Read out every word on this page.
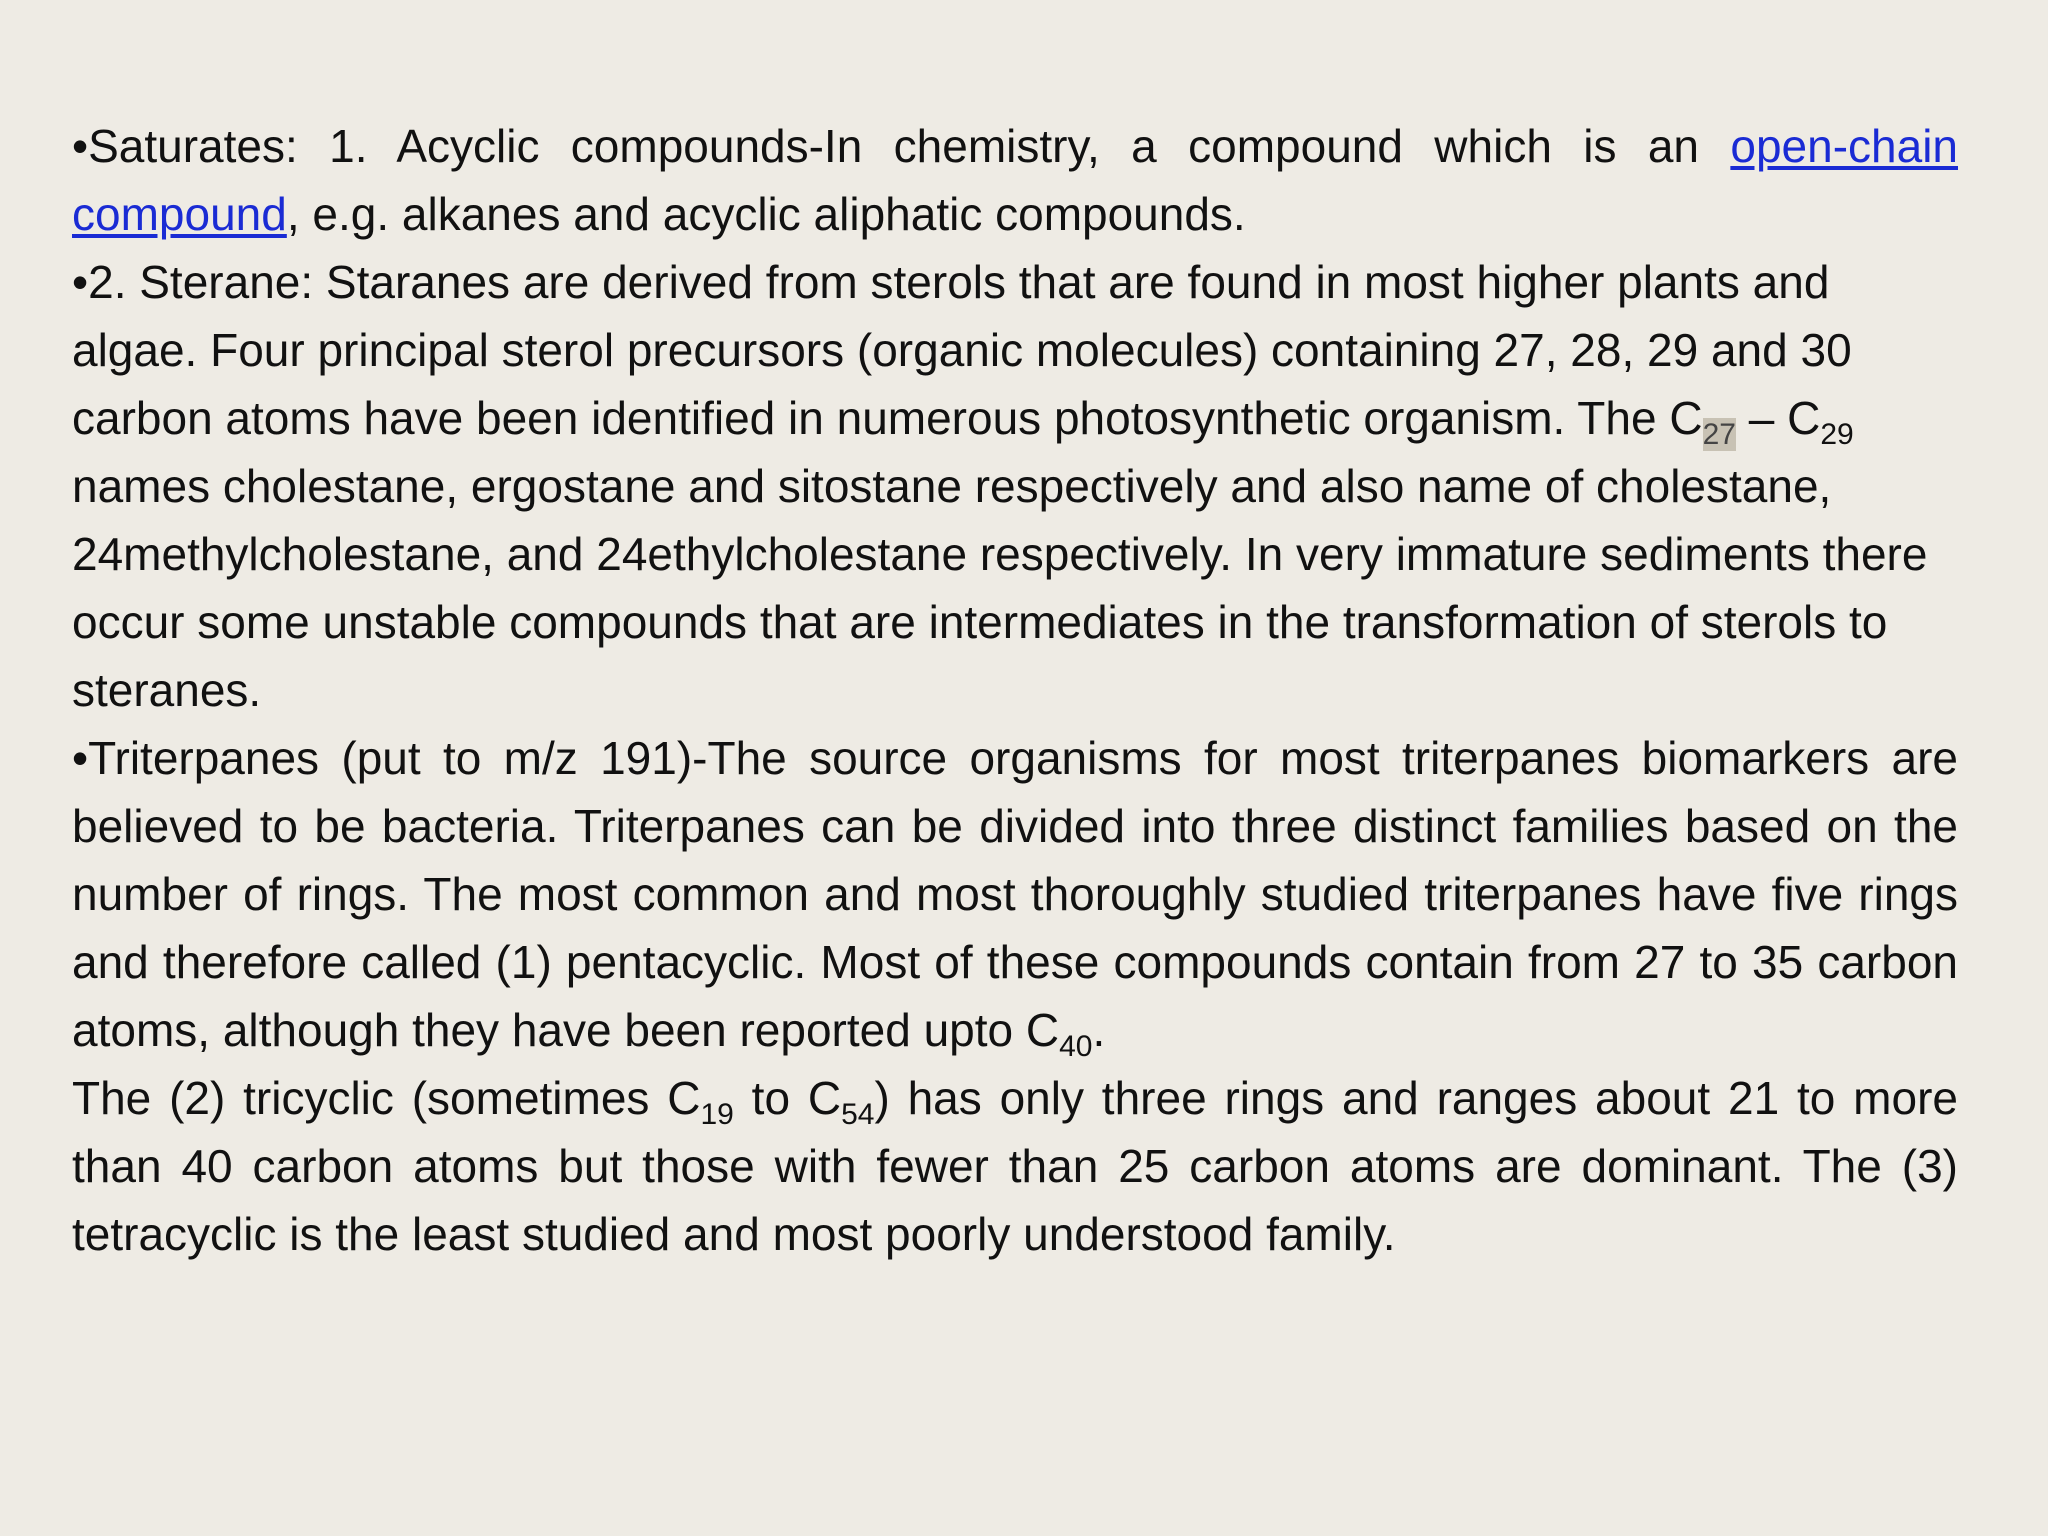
•Saturates: 1. Acyclic compounds-In chemistry, a compound which is an open-chain compound, e.g. alkanes and acyclic aliphatic compounds.

•2. Sterane: Staranes are derived from sterols that are found in most higher plants and algae. Four principal sterol precursors (organic molecules) containing 27, 28, 29 and 30 carbon atoms have been identified in numerous photosynthetic organism. The $C_{27} - C_{29}$ names cholestane, ergostane and sitostane respectively and also name of cholestane, 24methylcholestane, and 24ethylcholestane respectively. In very immature sediments there occur some unstable compounds that are intermediates in the transformation of sterols to steranes.

•Triterpanes (put to m/z 191)-The source organisms for most triterpanes biomarkers are believed to be bacteria. Triterpanes can be divided into three distinct families based on the number of rings. The most common and most thoroughly studied triterpanes have five rings and therefore called (1) pentacyclic. Most of these compounds contain from 27 to 35 carbon atoms, although they have been reported upto $C_{40}$.

The (2) tricyclic (sometimes $C_{19}$ to $C_{54}$) has only three rings and ranges about 21 to more than 40 carbon atoms but those with fewer than 25 carbon atoms are dominant. The (3) tetracyclic is the least studied and most poorly understood family.
